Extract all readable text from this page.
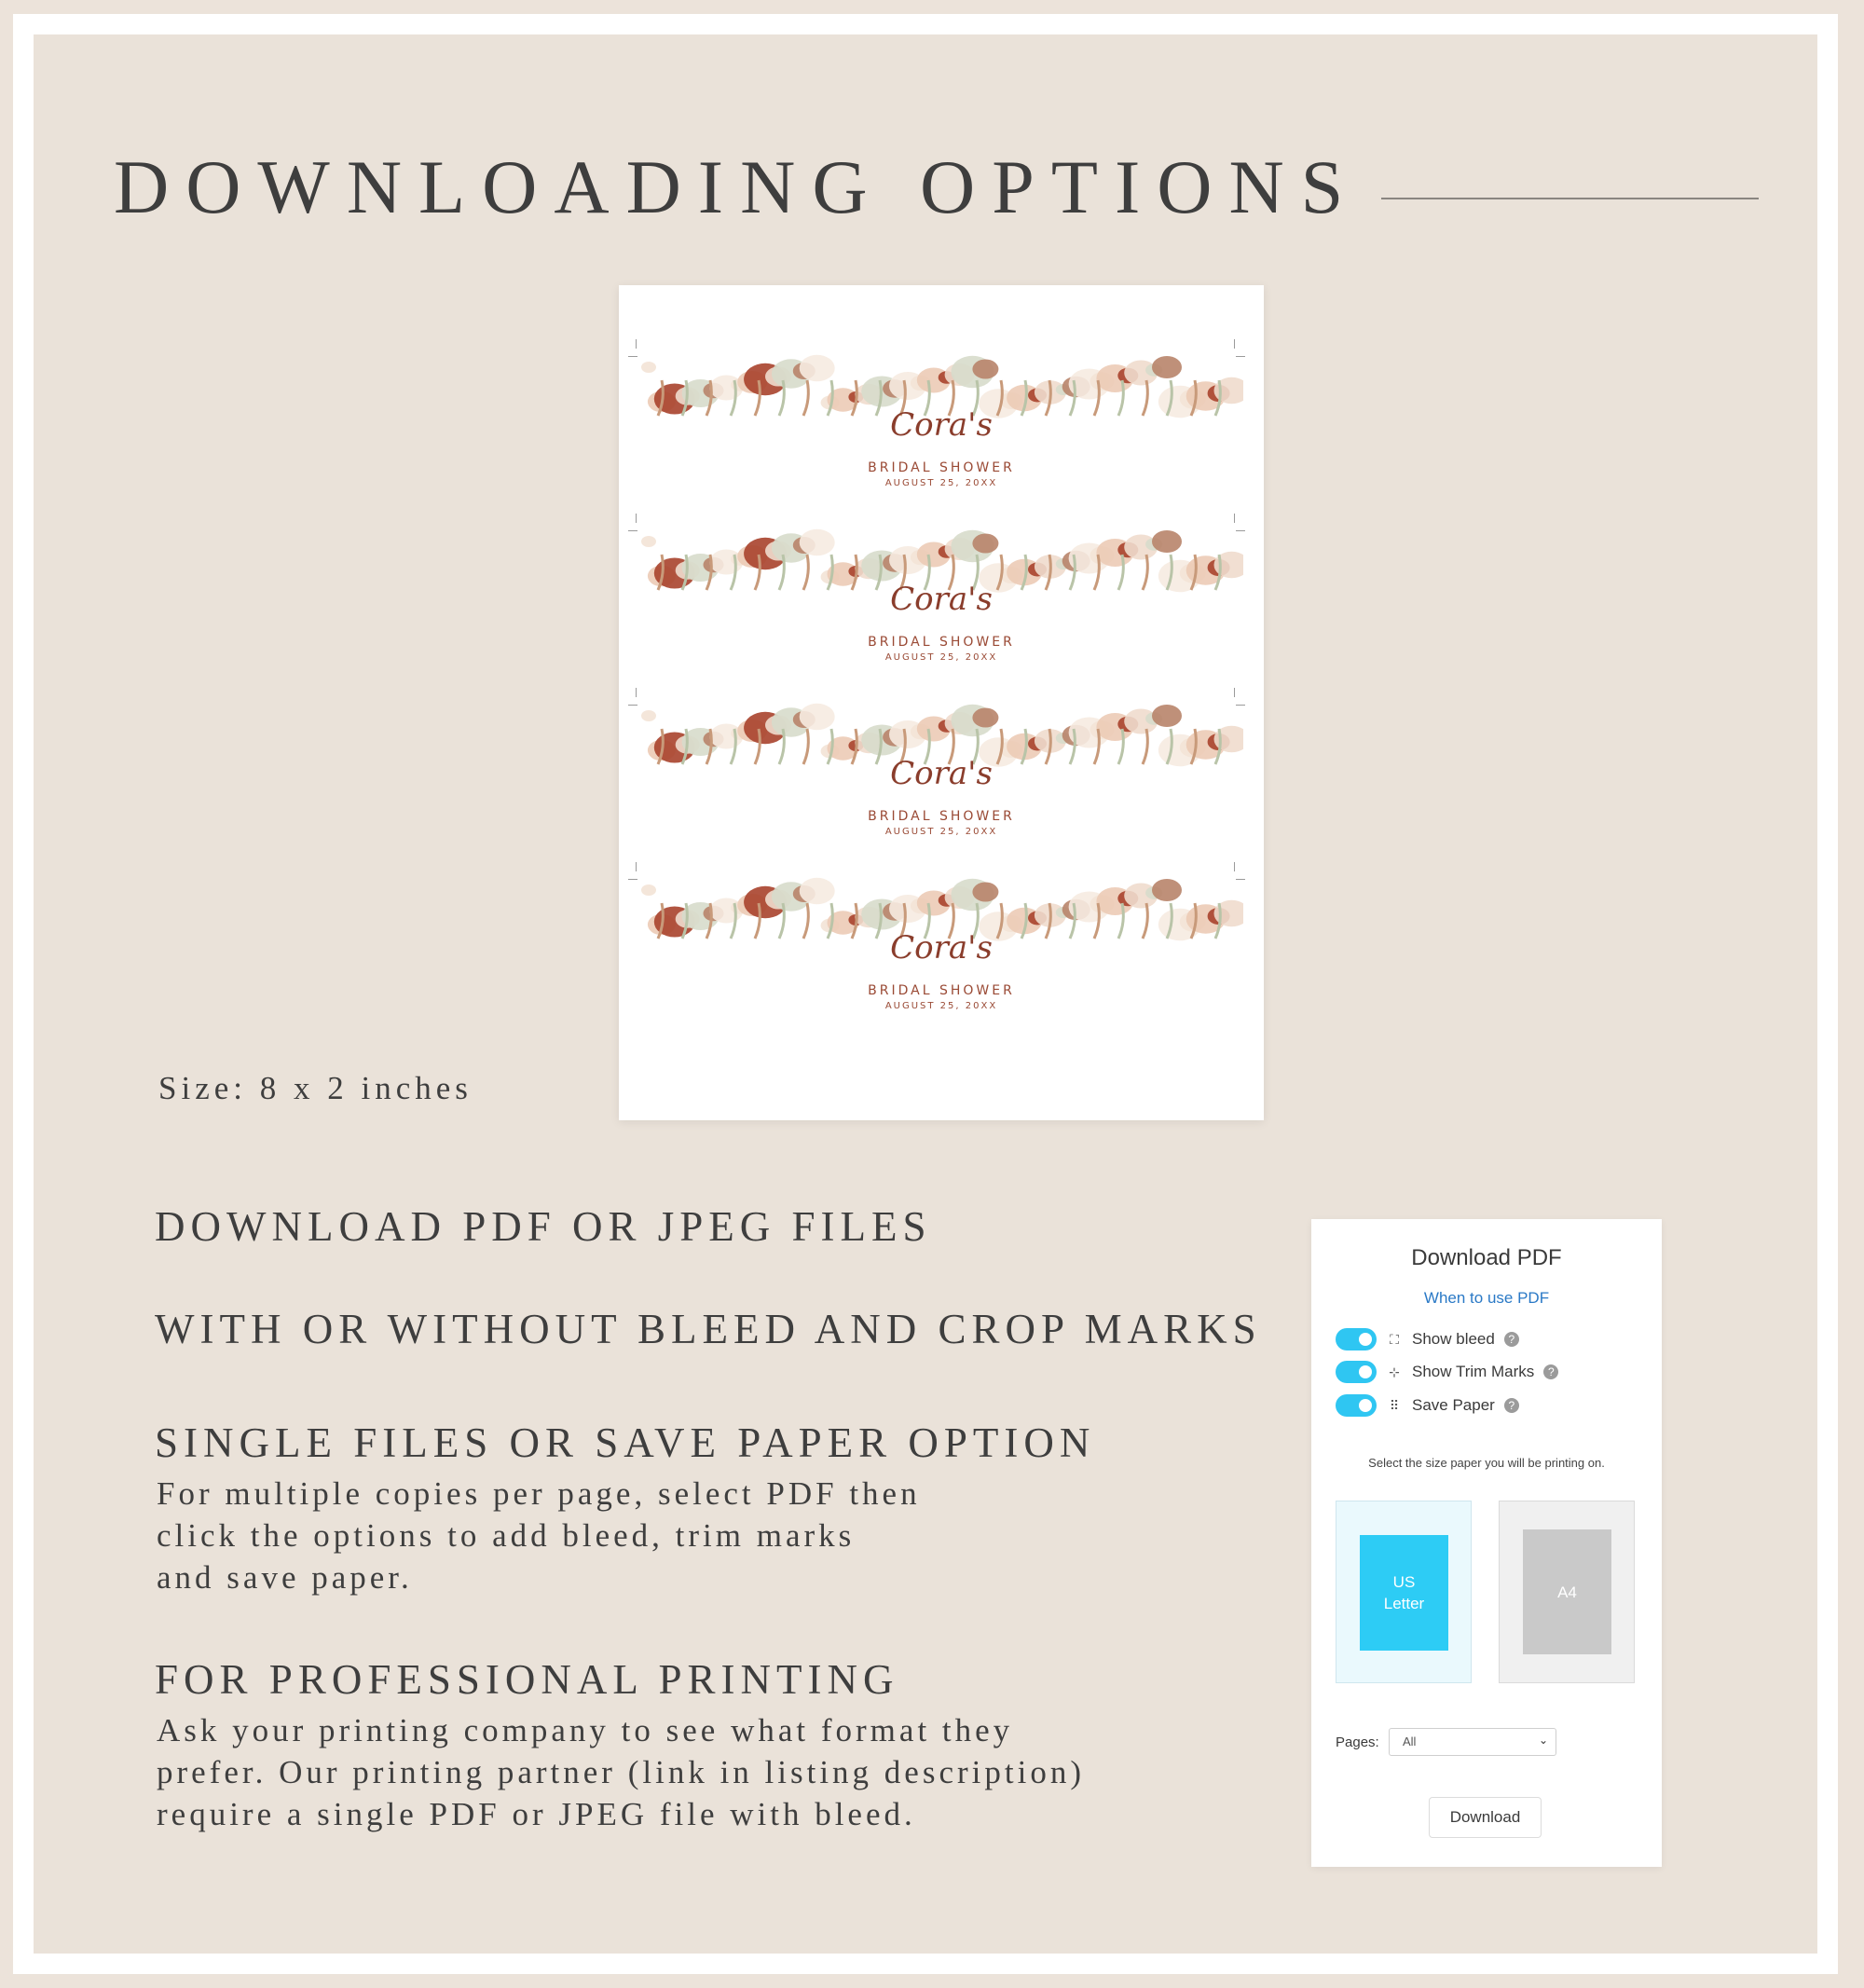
DOWNLOADING OPTIONS
Cora's
BRIDAL SHOWER
AUGUST 25, 20XX
Cora's
BRIDAL SHOWER
AUGUST 25, 20XX
Cora's
BRIDAL SHOWER
AUGUST 25, 20XX
Cora's
BRIDAL SHOWER
AUGUST 25, 20XX
Size: 8 x 2 inches
DOWNLOAD PDF OR JPEG FILES
WITH OR WITHOUT BLEED AND CROP MARKS
SINGLE FILES OR SAVE PAPER OPTION
For multiple copies per page, select PDF then
click the options to add bleed, trim marks
and save paper.
FOR PROFESSIONAL PRINTING
Ask your printing company to see what format they
prefer. Our printing partner (link in listing description)
require a single PDF or JPEG file with bleed.
Download PDF
When to use PDF
⛶ Show bleed	?
⊹ Show Trim Marks	?
⠿ Save Paper	?
Select the size paper you will be printing on.
US
Letter
A4
Pages:	All	⌄
Download
